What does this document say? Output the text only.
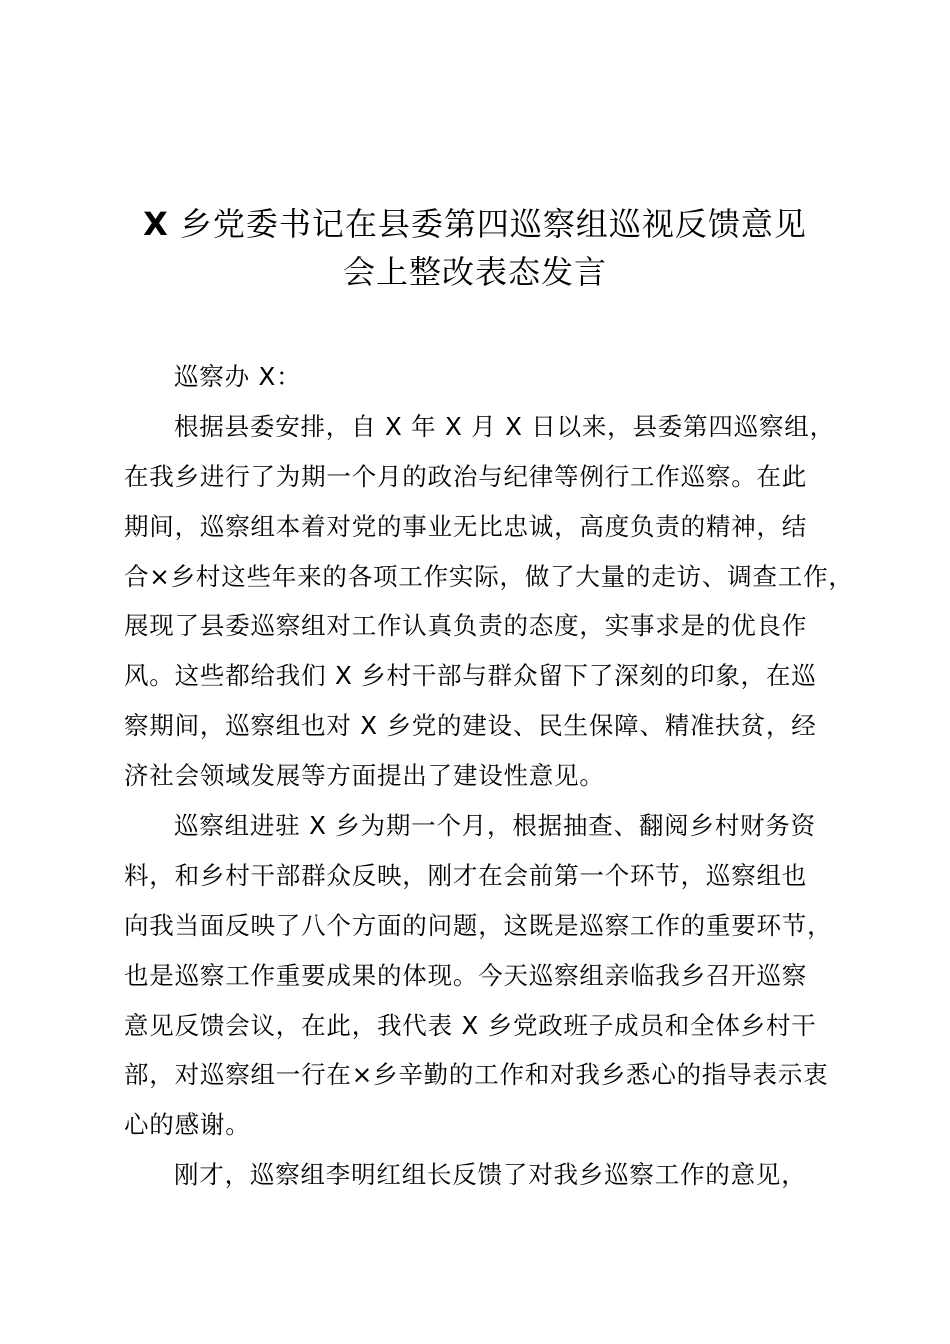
X 乡党委书记在县委第四巡察组巡视反馈意见
会上整改表态发言
巡察办 X：
根据县委安排，自 X 年 X 月 X 日以来，县委第四巡察组，
在我乡进行了为期一个月的政治与纪律等例行工作巡察。在此
期间，巡察组本着对党的事业无比忠诚，高度负责的精神，结
合×乡村这些年来的各项工作实际，做了大量的走访、调查工作，
展现了县委巡察组对工作认真负责的态度，实事求是的优良作
风。这些都给我们 X 乡村干部与群众留下了深刻的印象，在巡
察期间，巡察组也对 X 乡党的建设、民生保障、精准扶贫，经
济社会领域发展等方面提出了建设性意见。
巡察组进驻 X 乡为期一个月，根据抽查、翻阅乡村财务资
料，和乡村干部群众反映，刚才在会前第一个环节，巡察组也
向我当面反映了八个方面的问题，这既是巡察工作的重要环节，
也是巡察工作重要成果的体现。今天巡察组亲临我乡召开巡察
意见反馈会议，在此，我代表 X 乡党政班子成员和全体乡村干
部，对巡察组一行在×乡辛勤的工作和对我乡悉心的指导表示衷
心的感谢。
刚才，巡察组李明红组长反馈了对我乡巡察工作的意见，
